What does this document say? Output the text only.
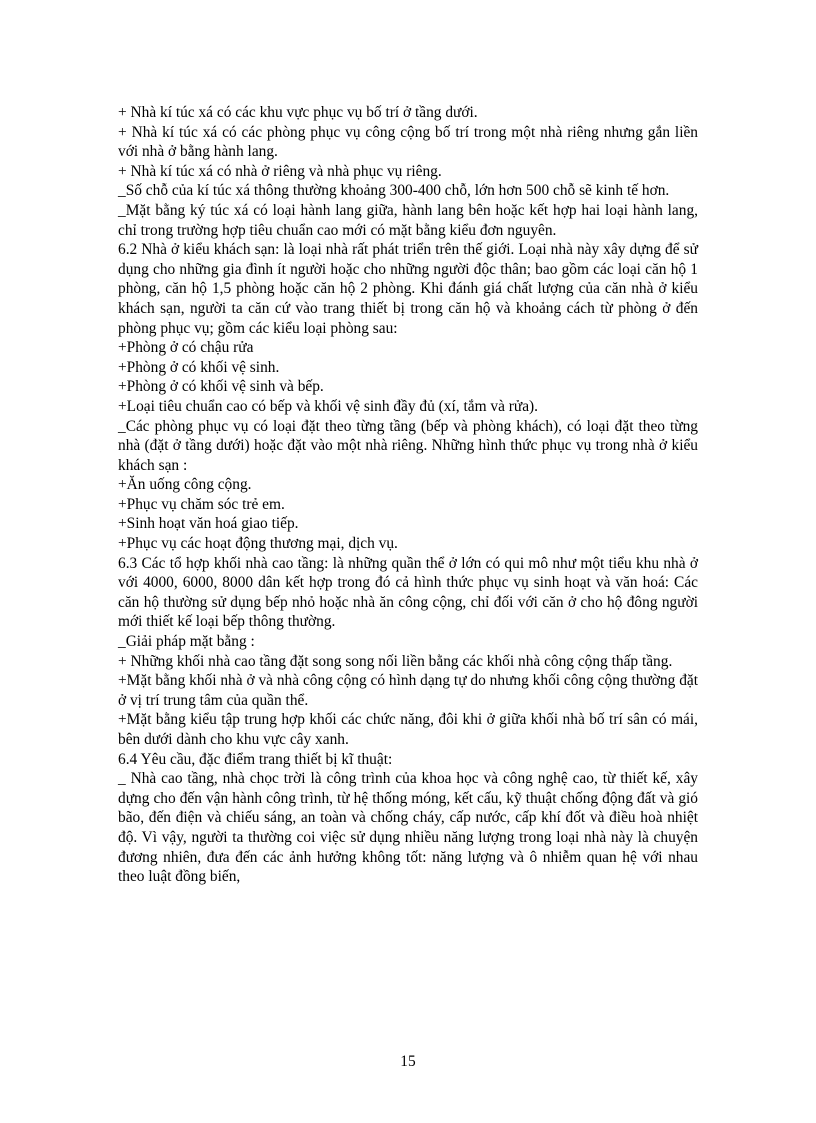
+ Nhà kí túc xá có các khu vực phục vụ bố trí ở tầng dưới.

+ Nhà kí túc xá có các phòng phục vụ công cộng bố trí trong một nhà riêng nhưng gắn liền với nhà ở bằng hành lang.

+ Nhà kí túc xá có nhà ở riêng và nhà phục vụ riêng.

_Số chỗ của kí túc xá thông thường khoảng 300-400 chỗ, lớn hơn 500 chỗ sẽ kinh tế hơn.

_Mặt bằng ký túc xá có loại hành lang giữa, hành lang bên hoặc kết hợp hai loại hành lang, chỉ trong trường hợp tiêu chuẩn cao mới có mặt bằng kiểu đơn nguyên.

6.2 Nhà ở kiểu khách sạn: là loại nhà rất phát triển trên thế giới. Loại nhà này xây dựng để sử dụng cho những gia đình ít người hoặc cho những người độc thân; bao gồm các loại căn hộ 1 phòng, căn hộ 1,5 phòng hoặc căn hộ 2 phòng. Khi đánh giá chất lượng của căn nhà ở kiểu khách sạn, người ta căn cứ vào trang thiết bị trong căn hộ và khoảng cách từ phòng ở đến phòng phục vụ; gồm các kiểu loại phòng sau:

+Phòng ở có chậu rửa

+Phòng ở có khối vệ sinh.

+Phòng ở có khối vệ sinh và bếp.

+Loại tiêu chuẩn cao có bếp và khối vệ sinh đầy đủ (xí, tắm và rửa).

_Các phòng phục vụ có loại đặt theo từng tầng (bếp và phòng khách), có loại đặt theo từng nhà (đặt ở tầng dưới) hoặc đặt vào một nhà riêng. Những hình thức phục vụ trong nhà ở kiểu khách sạn :

+Ăn uống công cộng.

+Phục vụ chăm sóc trẻ em.

+Sinh hoạt văn hoá giao tiếp.

+Phục vụ các hoạt động thương mại, dịch vụ.

6.3 Các tổ hợp khối nhà cao tầng: là những quần thể ở lớn có qui mô như một tiểu khu nhà ở với 4000, 6000, 8000 dân kết hợp trong đó cả hình thức phục vụ sinh hoạt và văn hoá: Các căn hộ thường sử dụng bếp nhỏ hoặc nhà ăn công cộng, chỉ đối với căn ở cho hộ đông người mới thiết kế loại bếp thông thường.

_Giải pháp mặt bằng :

+ Những khối nhà cao tầng đặt song song nối liền bằng các khối nhà công cộng thấp tầng.

+Mặt bằng khối nhà ở và nhà công cộng có hình dạng tự do nhưng khối công cộng thường đặt ở vị trí trung tâm của quần thể.

+Mặt bằng kiểu tập trung hợp khối các chức năng, đôi khi ở giữa khối nhà bố trí sân có mái, bên dưới dành cho khu vực cây xanh.

6.4 Yêu cầu, đặc điểm trang thiết bị kĩ thuật:

_ Nhà cao tầng, nhà chọc trời là công trình của khoa học và công nghệ cao, từ thiết kế, xây dựng cho đến vận hành công trình, từ hệ thống móng, kết cấu, kỹ thuật chống động đất và gió bão, đến điện và chiếu sáng, an toàn và chống cháy, cấp nước, cấp khí đốt và điều hoà nhiệt độ. Vì vậy, người ta thường coi việc sử dụng nhiều năng lượng trong loại nhà này là chuyện đương nhiên, đưa đến các ảnh hưởng không tốt: năng lượng và ô nhiễm quan hệ với nhau theo luật đồng biến,

15
